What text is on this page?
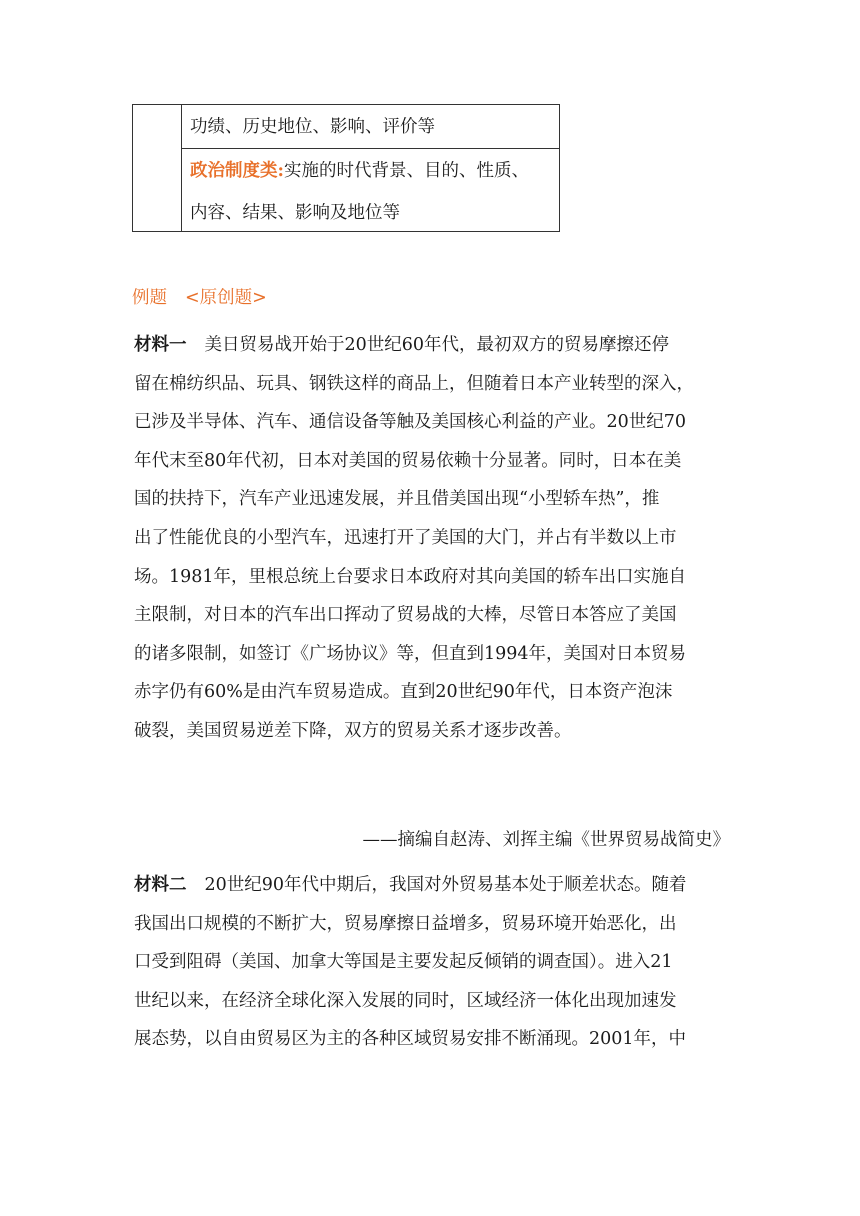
功绩、历史地位、影响、评价等
政治制度类:实施的时代背景、目的、性质、
内容、结果、影响及地位等
例题 <原创题>
材料一 美日贸易战开始于20世纪60年代，最初双方的贸易摩擦还停
留在棉纺织品、玩具、钢铁这样的商品上，但随着日本产业转型的深入，
已涉及半导体、汽车、通信设备等触及美国核心利益的产业。20世纪70
年代末至80年代初，日本对美国的贸易依赖十分显著。同时，日本在美
国的扶持下，汽车产业迅速发展，并且借美国出现“小型轿车热”，推
出了性能优良的小型汽车，迅速打开了美国的大门，并占有半数以上市
场。1981年，里根总统上台要求日本政府对其向美国的轿车出口实施自
主限制，对日本的汽车出口挥动了贸易战的大棒，尽管日本答应了美国
的诸多限制，如签订《广场协议》等，但直到1994年，美国对日本贸易
赤字仍有60%是由汽车贸易造成。直到20世纪90年代，日本资产泡沫
破裂，美国贸易逆差下降，双方的贸易关系才逐步改善。
——摘编自赵涛、刘挥主编《世界贸易战简史》
材料二 20世纪90年代中期后，我国对外贸易基本处于顺差状态。随着
我国出口规模的不断扩大，贸易摩擦日益增多，贸易环境开始恶化，出
口受到阻碍（美国、加拿大等国是主要发起反倾销的调查国）。进入21
世纪以来，在经济全球化深入发展的同时，区域经济一体化出现加速发
展态势，以自由贸易区为主的各种区域贸易安排不断涌现。2001年，中
